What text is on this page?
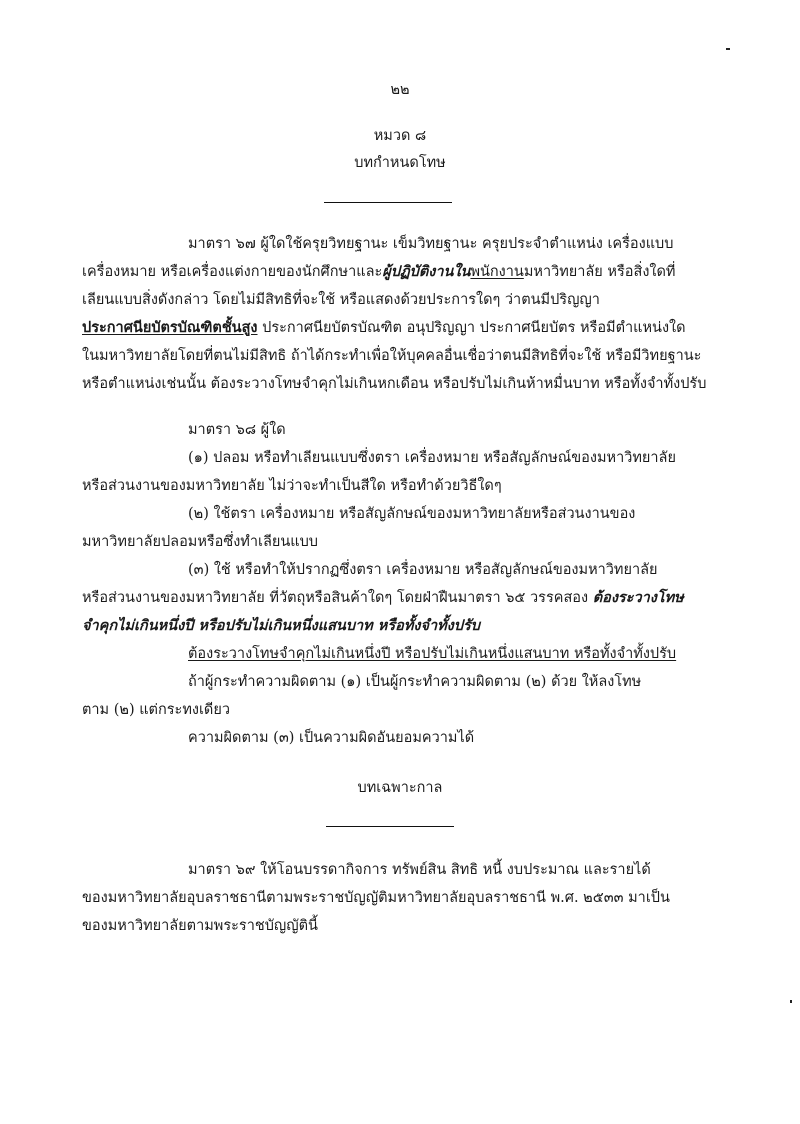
๒๒
หมวด ๘
บทกำหนดโทษ
มาตรา ๖๗ ผู้ใดใช้ครุยวิทยฐานะ เข็มวิทยฐานะ ครุยประจำตำแหน่ง เครื่องแบบ
เครื่องหมาย หรือเครื่องแต่งกายของนักศึกษาและผู้ปฏิบัติงานในพนักงานมหาวิทยาลัย หรือสิ่งใดที่
เลียนแบบสิ่งดังกล่าว โดยไม่มีสิทธิที่จะใช้ หรือแสดงด้วยประการใดๆ ว่าตนมีปริญญา
ประกาศนียบัตรบัณฑิตชั้นสูง ประกาศนียบัตรบัณฑิต อนุปริญญา ประกาศนียบัตร หรือมีตำแหน่งใด
ในมหาวิทยาลัยโดยที่ตนไม่มีสิทธิ ถ้าได้กระทำเพื่อให้บุคคลอื่นเชื่อว่าตนมีสิทธิที่จะใช้ หรือมีวิทยฐานะ
หรือตำแหน่งเช่นนั้น ต้องระวางโทษจำคุกไม่เกินหกเดือน หรือปรับไม่เกินห้าหมื่นบาท หรือทั้งจำทั้งปรับ
มาตรา ๖๘ ผู้ใด
(๑) ปลอม หรือทำเลียนแบบซึ่งตรา เครื่องหมาย หรือสัญลักษณ์ของมหาวิทยาลัย
หรือส่วนงานของมหาวิทยาลัย ไม่ว่าจะทำเป็นสีใด หรือทำด้วยวิธีใดๆ
(๒) ใช้ตรา เครื่องหมาย หรือสัญลักษณ์ของมหาวิทยาลัยหรือส่วนงานของ
มหาวิทยาลัยปลอมหรือซึ่งทำเลียนแบบ
(๓) ใช้ หรือทำให้ปรากฏซึ่งตรา เครื่องหมาย หรือสัญลักษณ์ของมหาวิทยาลัย
หรือส่วนงานของมหาวิทยาลัย ที่วัตถุหรือสินค้าใดๆ โดยฝ่าฝืนมาตรา ๖๕ วรรคสอง ต้องระวางโทษ
จำคุกไม่เกินหนึ่งปี หรือปรับไม่เกินหนึ่งแสนบาท หรือทั้งจำทั้งปรับ
ต้องระวางโทษจำคุกไม่เกินหนึ่งปี หรือปรับไม่เกินหนึ่งแสนบาท หรือทั้งจำทั้งปรับ
ถ้าผู้กระทำความผิดตาม (๑) เป็นผู้กระทำความผิดตาม (๒) ด้วย ให้ลงโทษ
ตาม (๒) แต่กระทงเดียว
ความผิดตาม (๓) เป็นความผิดอันยอมความได้
บทเฉพาะกาล
มาตรา ๖๙ ให้โอนบรรดากิจการ ทรัพย์สิน สิทธิ หนี้ งบประมาณ และรายได้
ของมหาวิทยาลัยอุบลราชธานีตามพระราชบัญญัติมหาวิทยาลัยอุบลราชธานี พ.ศ. ๒๕๓๓ มาเป็น
ของมหาวิทยาลัยตามพระราชบัญญัตินี้
